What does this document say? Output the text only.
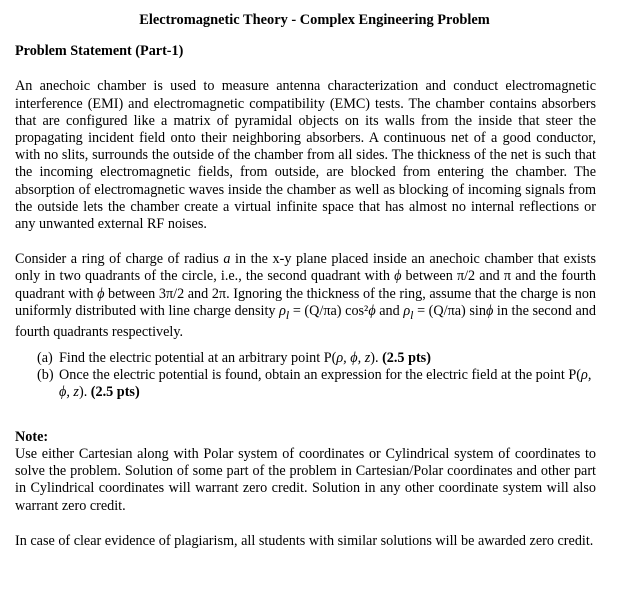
Electromagnetic Theory - Complex Engineering Problem
Problem Statement (Part-1)

An anechoic chamber is used to measure antenna characterization and conduct electromagnetic interference (EMI) and electromagnetic compatibility (EMC) tests. The chamber contains absorbers that are configured like a matrix of pyramidal objects on its walls from the inside that steer the propagating incident field onto their neighboring absorbers. A continuous net of a good conductor, with no slits, surrounds the outside of the chamber from all sides. The thickness of the net is such that the incoming electromagnetic fields, from outside, are blocked from entering the chamber. The absorption of electromagnetic waves inside the chamber as well as blocking of incoming signals from the outside lets the chamber create a virtual infinite space that has almost no internal reflections or any unwanted external RF noises.

Consider a ring of charge of radius a in the x-y plane placed inside an anechoic chamber that exists only in two quadrants of the circle, i.e., the second quadrant with ϕ between π/2 and π and the fourth quadrant with ϕ between 3π/2 and 2π. Ignoring the thickness of the ring, assume that the charge is non uniformly distributed with line charge density $\rho_l = (Q/\pi a)$ cos²ϕ and $\rho_l = (Q/\pi a)$ sinϕ in the second and fourth quadrants respectively.

(a) Find the electric potential at an arbitrary point P(ρ, ϕ, z). (2.5 pts)
(b) Once the electric potential is found, obtain an expression for the electric field at the point P(ρ, ϕ, z). (2.5 pts)
Note:

Use either Cartesian along with Polar system of coordinates or Cylindrical system of coordinates to solve the problem. Solution of some part of the problem in Cartesian/Polar coordinates and other part in Cylindrical coordinates will warrant zero credit. Solution in any other coordinate system will also warrant zero credit.

In case of clear evidence of plagiarism, all students with similar solutions will be awarded zero credit.
